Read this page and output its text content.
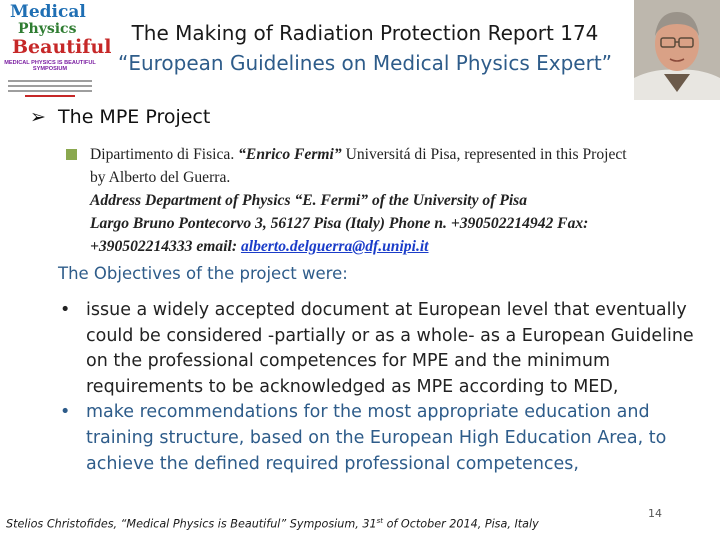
Medical
Physics
Beautiful
MEDICAL PHYSICS IS BEAUTIFUL SYMPOSIUM
The Making of Radiation Protection Report 174
“European Guidelines on Medical Physics Expert”
➢ The MPE Project
Dipartimento di Fisica. “Enrico Fermi” Universitá di Pisa, represented in this Project
by Alberto del Guerra.
Address Department of Physics “E. Fermi” of the University of Pisa
Largo Bruno Pontecorvo 3, 56127 Pisa (Italy) Phone n. +390502214942 Fax:
+390502214333 email: alberto.delguerra@df.unipi.it
The Objectives of the project were:
• issue a widely accepted document at European level that eventually could be considered -partially or as a whole- as a European Guideline on the professional competences for MPE and the minimum requirements to be acknowledged as MPE according to MED,
• make recommendations for the most appropriate education and training structure, based on the European High Education Area, to achieve the defined required professional competences,
Stelios Christofides, “Medical Physics is Beautiful” Symposium, 31st of October 2014, Pisa, Italy
14
